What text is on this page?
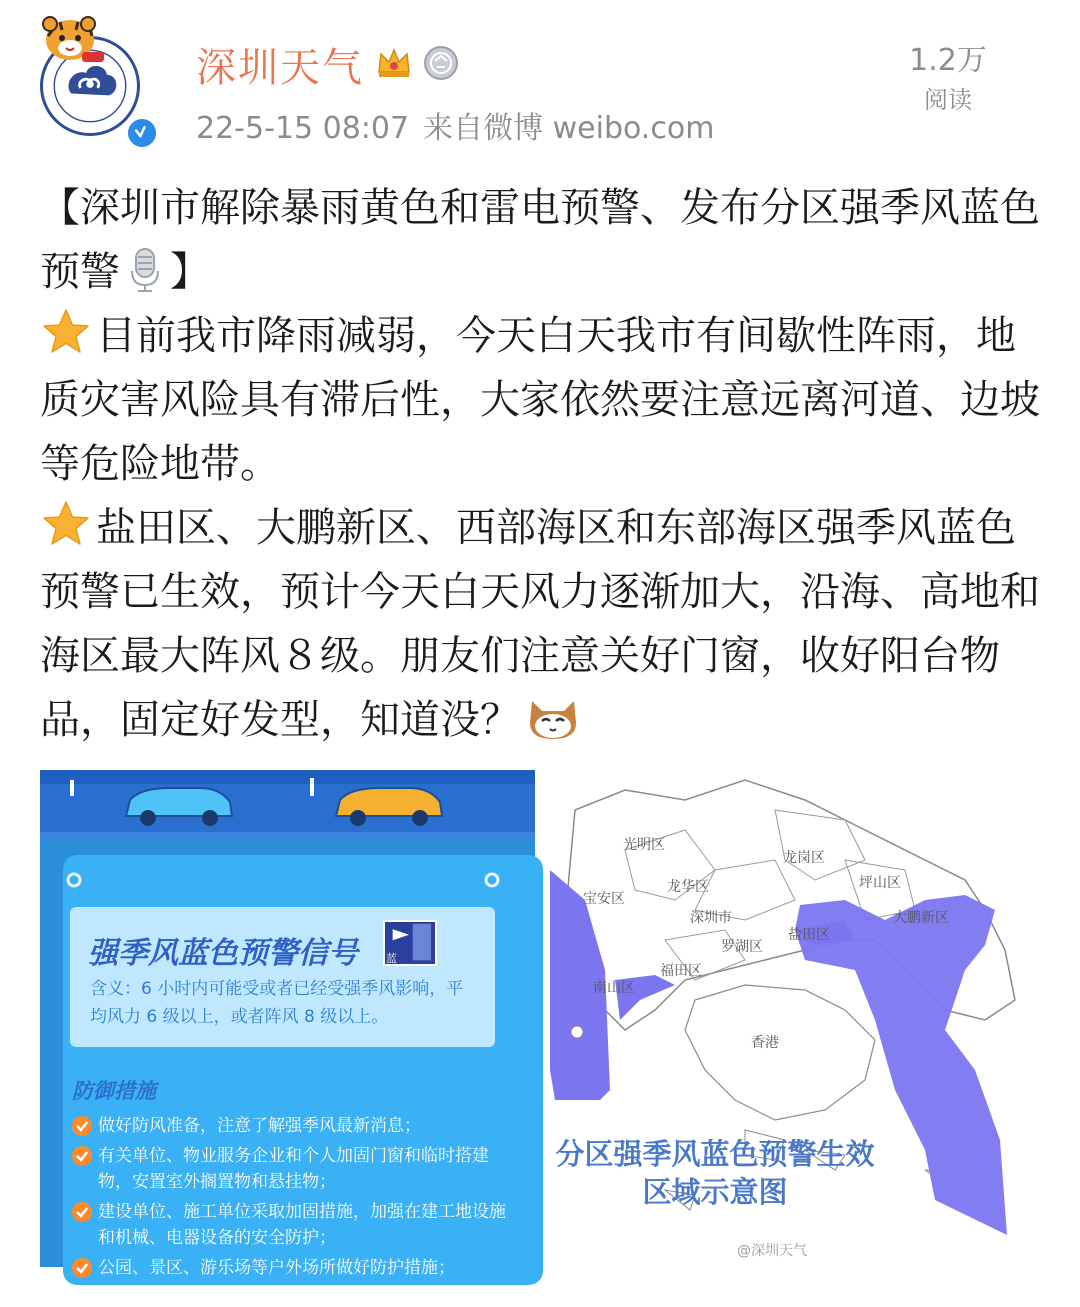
深圳天气
22-5-15 08:07 来自微博 weibo.com
1.2万
阅读
【深圳市解除暴雨黄色和雷电预警、发布分区强季风蓝色预警 】
目前我市降雨减弱，今天白天我市有间歇性阵雨，地质灾害风险具有滞后性，大家依然要注意远离河道、边坡等危险地带。
盐田区、大鹏新区、西部海区和东部海区强季风蓝色预警已生效，预计今天白天风力逐渐加大，沿海、高地和海区最大阵风８级。朋友们注意关好门窗，收好阳台物品，固定好发型，知道没？
强季风蓝色预警信号	蓝
含义：6 小时内可能受或者已经受强季风影响，平均风力 6 级以上，或者阵风 8 级以上。
防御措施
做好防风准备，注意了解强季风最新消息；
有关单位、物业服务企业和个人加固门窗和临时搭建物，安置室外搁置物和悬挂物；
建设单位、施工单位采取加固措施，加强在建工地设施和机械、电器设备的安全防护；
公园、景区、游乐场等户外场所做好防护措施；
光明区
龙岗区
宝安区
龙华区	坪山区
深圳市	大鹏新区
罗湖区
盐田区
福田区
南山区
香港
分区强季风蓝色预警生效
区域示意图
@深圳天气
